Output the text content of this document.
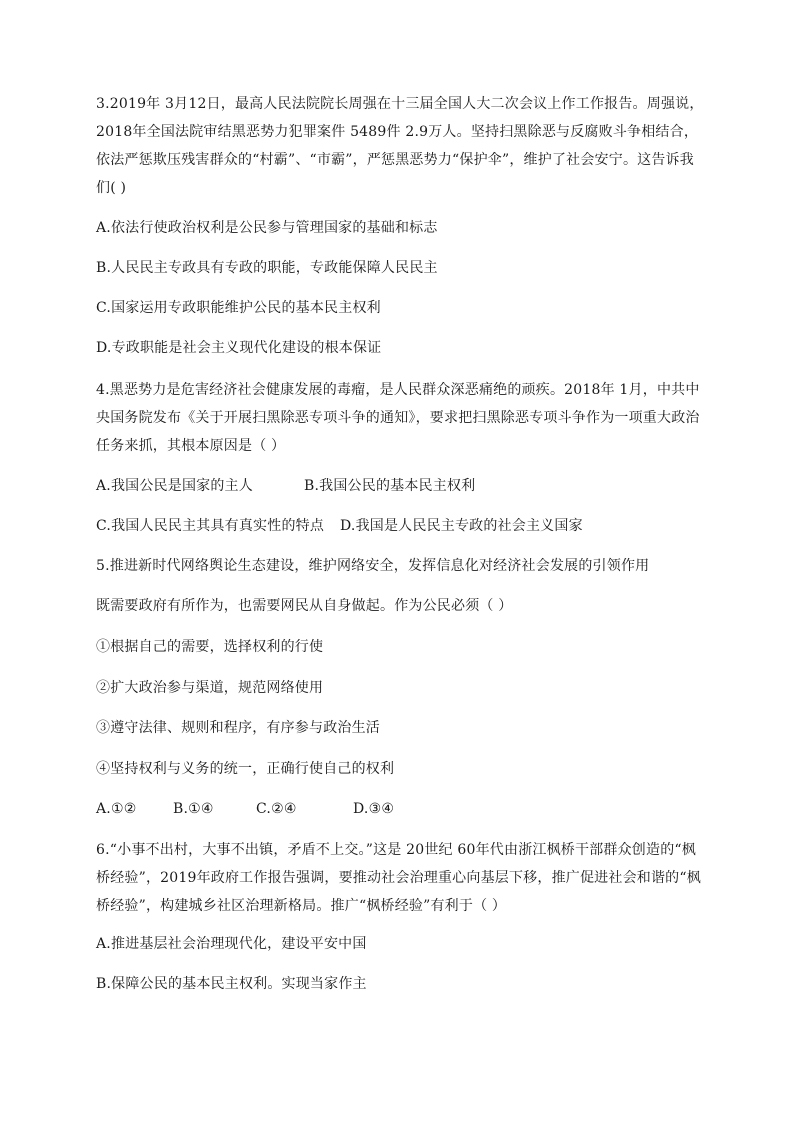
3.2019年 3月12日，最高人民法院院长周强在十三届全国人大二次会议上作工作报告。周强说，2018年全国法院审结黑恶势力犯罪案件 5489件 2.9万人。坚持扫黑除恶与反腐败斗争相结合，依法严惩欺压残害群众的“村霸”、“市霸”，严惩黑恶势力“保护伞”，维护了社会安宁。这告诉我们( )
A.依法行使政治权利是公民参与管理国家的基础和标志
B.人民民主专政具有专政的职能，专政能保障人民民主
C.国家运用专政职能维护公民的基本民主权利
D.专政职能是社会主义现代化建设的根本保证
4.黑恶势力是危害经济社会健康发展的毒瘤，是人民群众深恶痛绝的顽疾。2018年 1月，中共中央国务院发布《关于开展扫黑除恶专项斗争的通知》，要求把扫黑除恶专项斗争作为一项重大政治任务来抓，其根本原因是（ ）
A.我国公民是国家的主人	B.我国公民的基本民主权利
C.我国人民民主其具有真实性的特点 D.我国是人民民主专政的社会主义国家
5.推进新时代网络舆论生态建设，维护网络安全，发挥信息化对经济社会发展的引领作用
既需要政府有所作为，也需要网民从自身做起。作为公民必须（ ）
①根据自己的需要，选择权利的行使
②扩大政治参与渠道，规范网络使用
③遵守法律、规则和程序，有序参与政治生活
④坚持权利与义务的统一，正确行使自己的权利
A.①②	B.①④	C.②④	D.③④
6.“小事不出村，大事不出镇，矛盾不上交。”这是 20世纪 60年代由浙江枫桥干部群众创造的“枫桥经验”，2019年政府工作报告强调，要推动社会治理重心向基层下移，推广促进社会和谐的“枫桥经验”，构建城乡社区治理新格局。推广“枫桥经验”有利于（ ）
A.推进基层社会治理现代化，建设平安中国
B.保障公民的基本民主权利。实现当家作主
